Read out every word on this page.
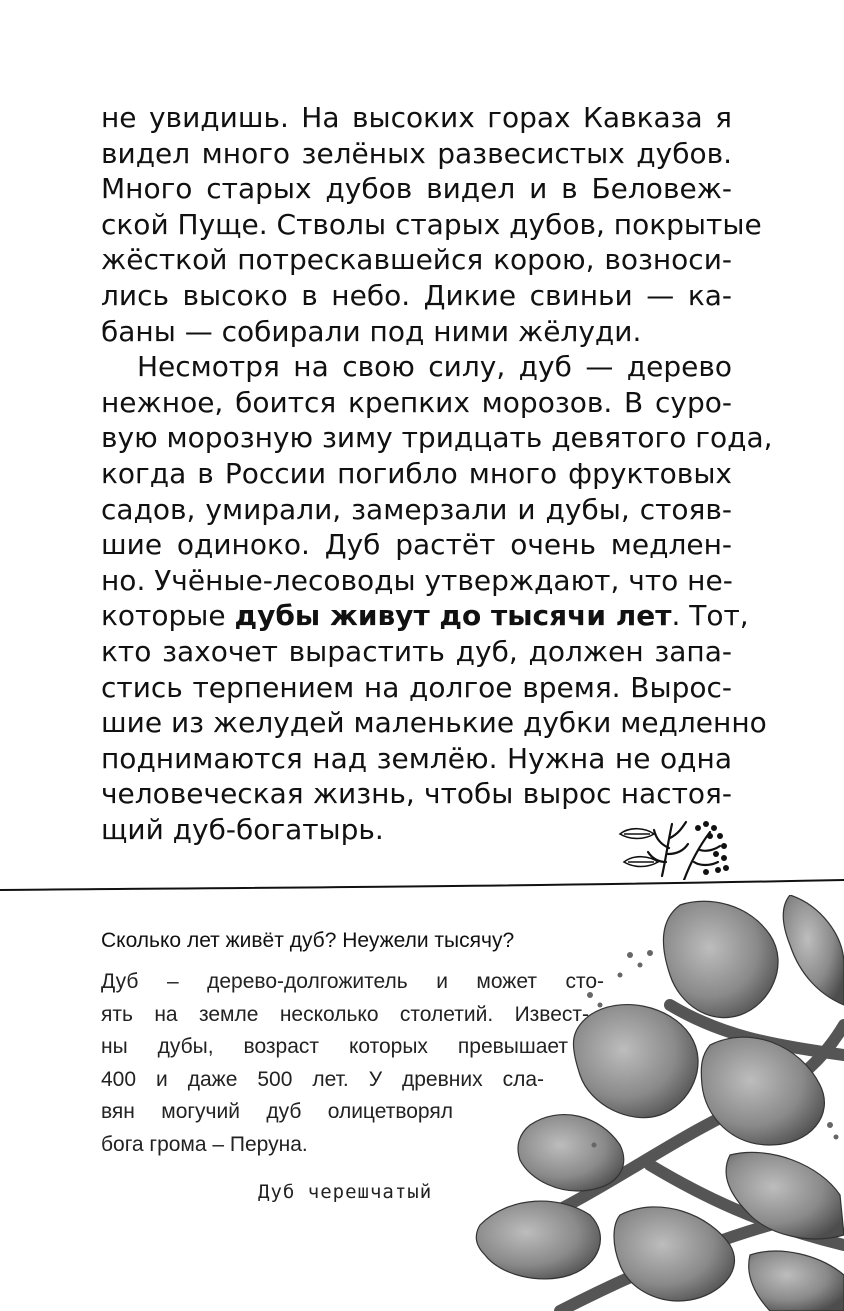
не увидишь. На высоких горах Кавказа я
видел много зелёных развесистых дубов.
Много старых дубов видел и в Беловеж-
ской Пуще. Стволы старых дубов, покрытые
жёсткой потрескавшейся корою, возноси-
лись высоко в небо. Дикие свиньи — ка-
баны — собирали под ними жёлуди.
Несмотря на свою силу, дуб — дерево
нежное, боится крепких морозов. В суро-
вую морозную зиму тридцать девятого года,
когда в России погибло много фруктовых
садов, умирали, замерзали и дубы, стояв-
шие одиноко. Дуб растёт очень медлен-
но. Учёные-лесоводы утверждают, что не-
которые дубы живут до тысячи лет. Тот,
кто захочет вырастить дуб, должен запа-
стись терпением на долгое время. Вырос-
шие из желудей маленькие дубки медленно
поднимаются над землёю. Нужна не одна
человеческая жизнь, чтобы вырос настоя-
щий дуб-богатырь.
Сколько лет живёт дуб? Неужели тысячу?
Дуб – дерево-долгожитель и может сто-
ять на земле несколько столетий. Извест-
ны дубы, возраст которых превышает
400 и даже 500 лет. У древних сла-
вян могучий дуб олицетворял
бога грома – Перуна.
Дуб черешчатый
